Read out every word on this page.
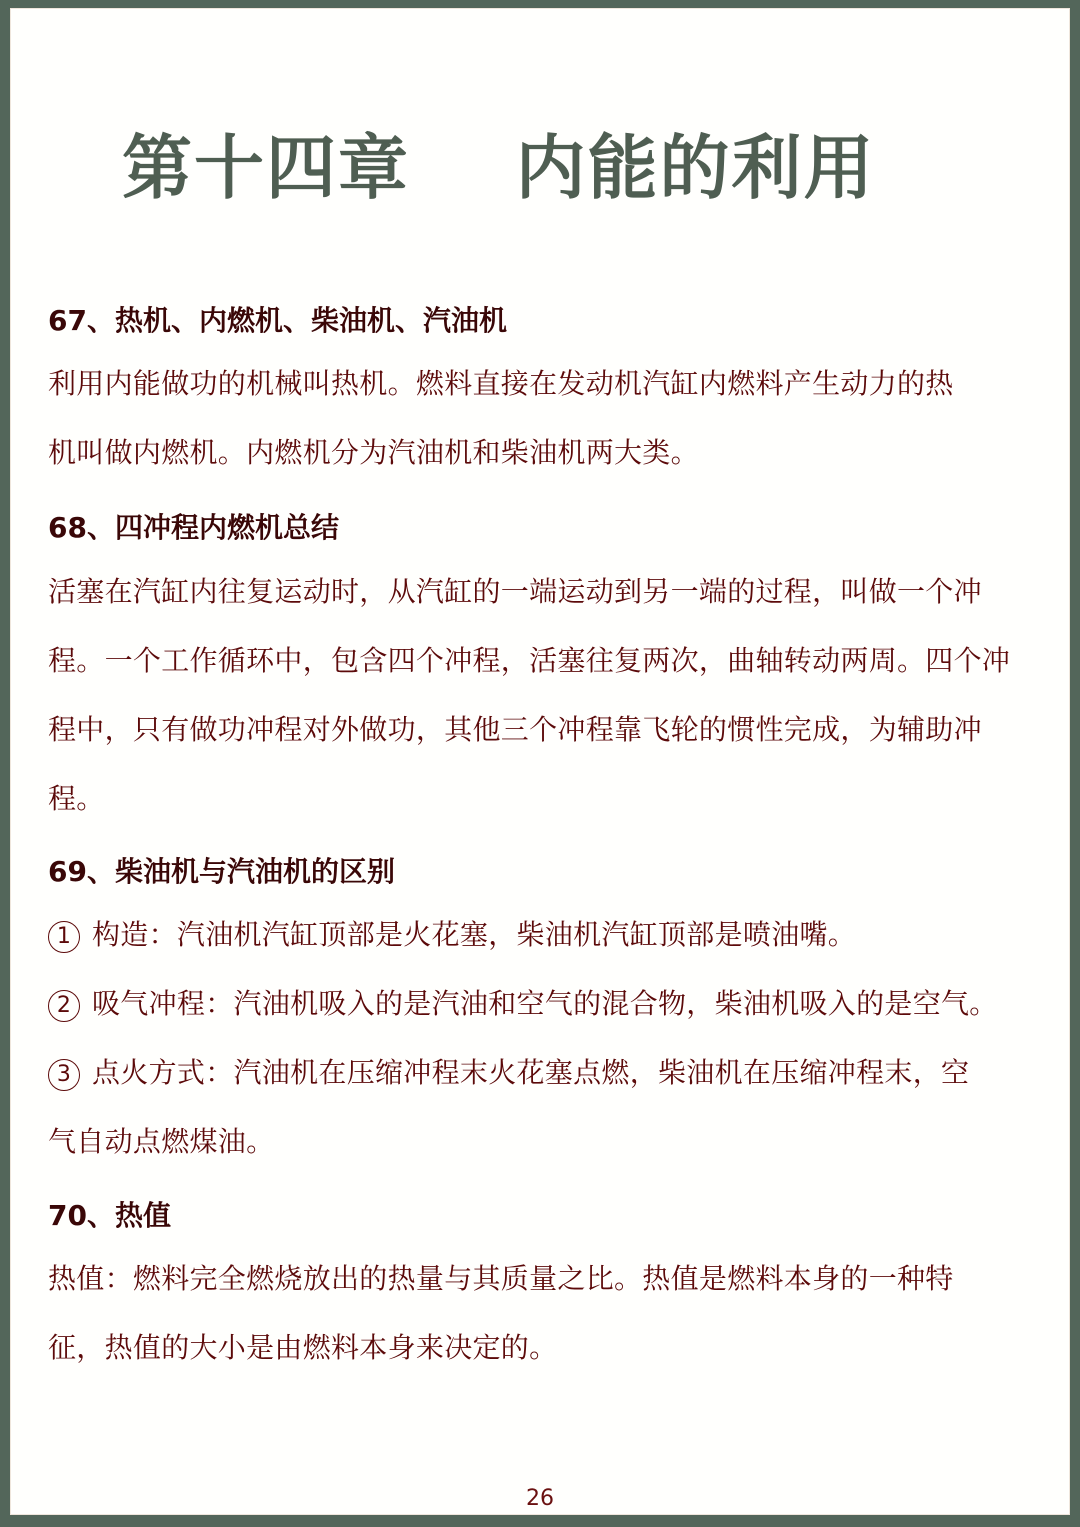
第十四章    内能的利用
67、热机、内燃机、柴油机、汽油机
利用内能做功的机械叫热机。燃料直接在发动机汽缸内燃料产生动力的热
机叫做内燃机。内燃机分为汽油机和柴油机两大类。
68、四冲程内燃机总结
活塞在汽缸内往复运动时，从汽缸的一端运动到另一端的过程，叫做一个冲
程。一个工作循环中，包含四个冲程，活塞往复两次，曲轴转动两周。四个冲
程中，只有做功冲程对外做功，其他三个冲程靠飞轮的惯性完成，为辅助冲
程。
69、柴油机与汽油机的区别
1 构造：汽油机汽缸顶部是火花塞，柴油机汽缸顶部是喷油嘴。
2 吸气冲程：汽油机吸入的是汽油和空气的混合物，柴油机吸入的是空气。
3 点火方式：汽油机在压缩冲程末火花塞点燃，柴油机在压缩冲程末，空
气自动点燃煤油。
70、热值
热值：燃料完全燃烧放出的热量与其质量之比。热值是燃料本身的一种特
征，热值的大小是由燃料本身来决定的。
26
